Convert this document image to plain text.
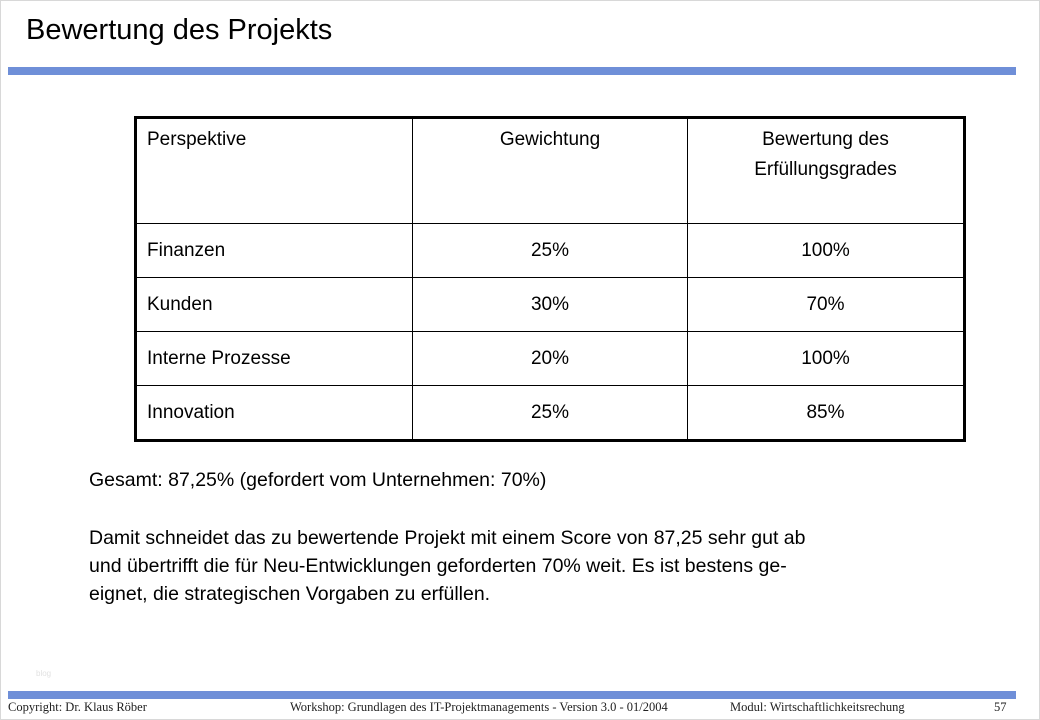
Bewertung des Projekts
Perspektive	Gewichtung	Bewertung des Erfüllungsgrades
Finanzen	25%	100%
Kunden	30%	70%
Interne Prozesse	20%	100%
Innovation	25%	85%
Gesamt: 87,25% (gefordert vom Unternehmen: 70%)
Damit schneidet das zu bewertende Projekt mit einem Score von 87,25 sehr gut ab
und übertrifft die für Neu-Entwicklungen geforderten 70% weit. Es ist bestens ge-
eignet, die strategischen Vorgaben zu erfüllen.
blog
Copyright: Dr. Klaus Röber	Workshop: Grundlagen des IT-Projektmanagements - Version 3.0 - 01/2004	Modul: Wirtschaftlichkeitsrechung	57
